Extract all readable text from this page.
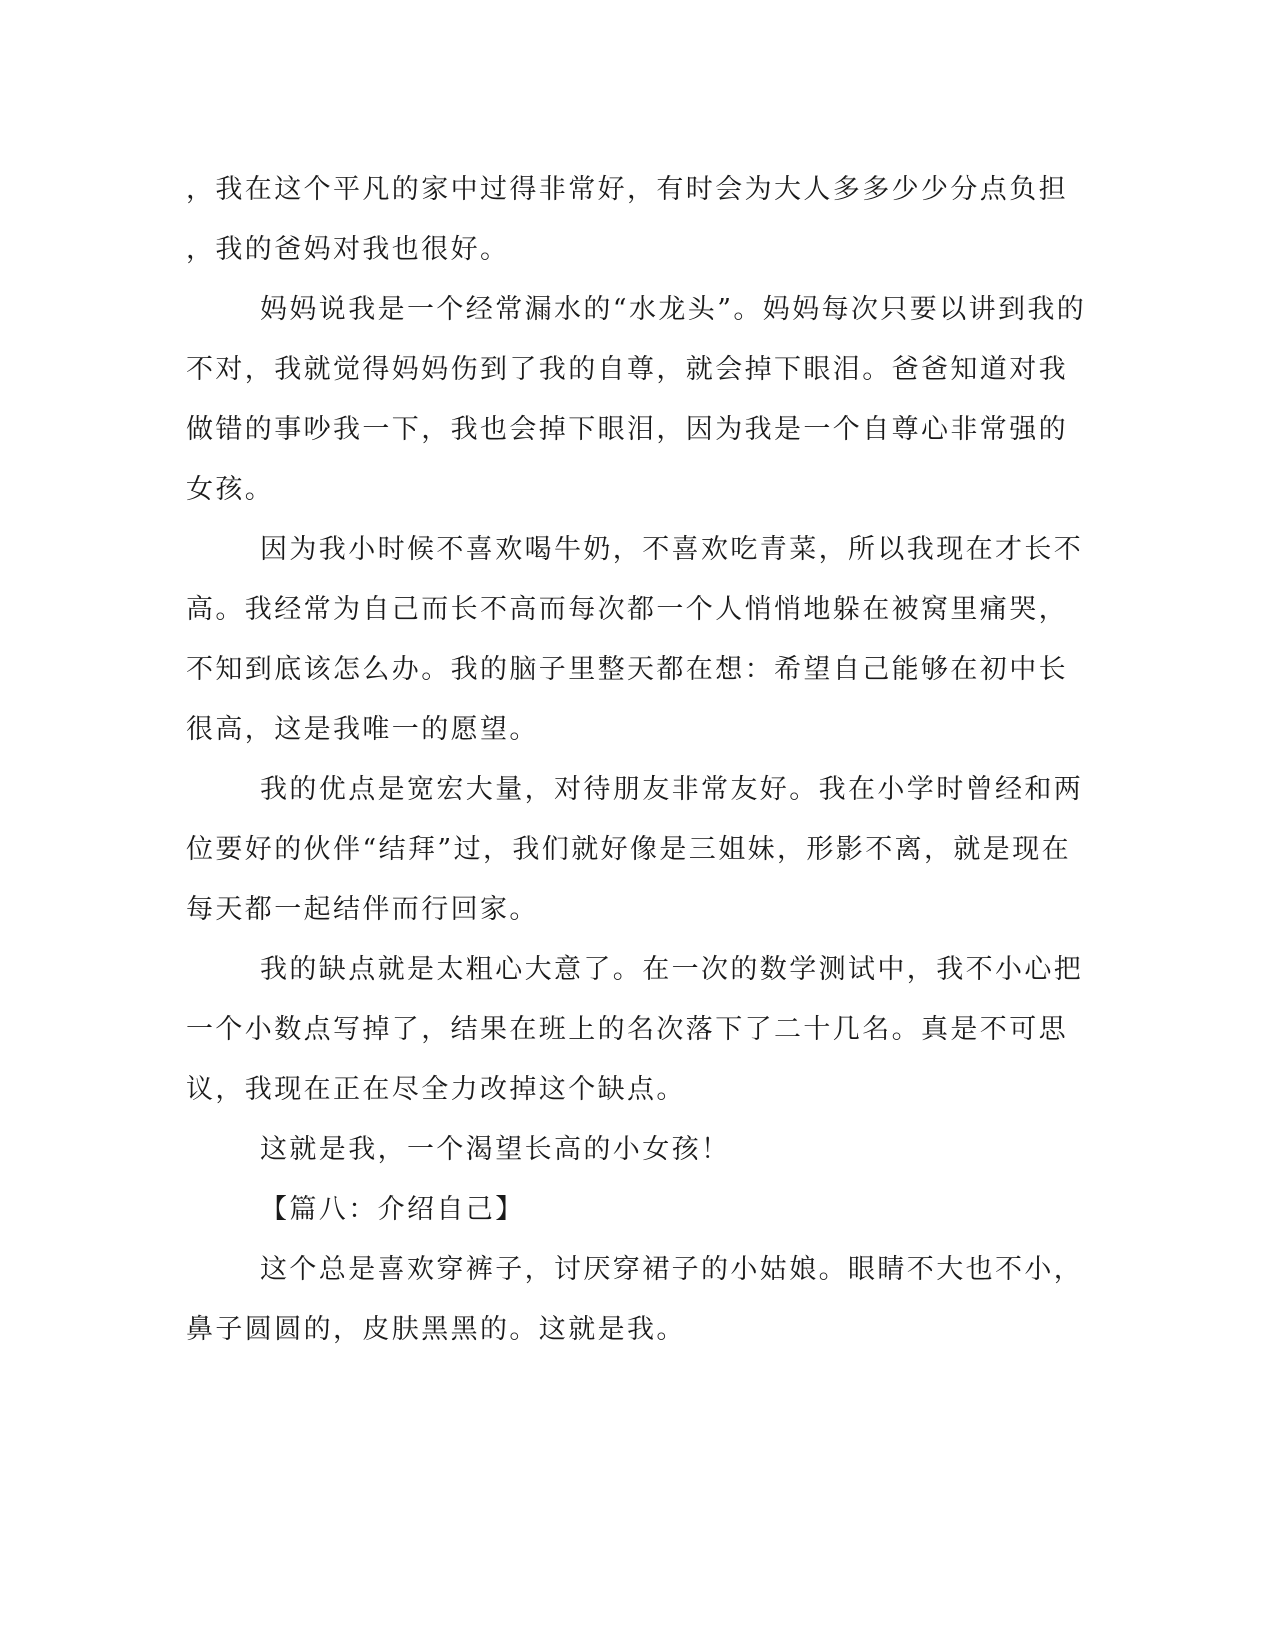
，我在这个平凡的家中过得非常好，有时会为大人多多少少分点负担
，我的爸妈对我也很好。
妈妈说我是一个经常漏水的“水龙头”。妈妈每次只要以讲到我的
不对，我就觉得妈妈伤到了我的自尊，就会掉下眼泪。爸爸知道对我
做错的事吵我一下，我也会掉下眼泪，因为我是一个自尊心非常强的
女孩。
因为我小时候不喜欢喝牛奶，不喜欢吃青菜，所以我现在才长不
高。我经常为自己而长不高而每次都一个人悄悄地躲在被窝里痛哭，
不知到底该怎么办。我的脑子里整天都在想：希望自己能够在初中长
很高，这是我唯一的愿望。
我的优点是宽宏大量，对待朋友非常友好。我在小学时曾经和两
位要好的伙伴“结拜”过，我们就好像是三姐妹，形影不离，就是现在
每天都一起结伴而行回家。
我的缺点就是太粗心大意了。在一次的数学测试中，我不小心把
一个小数点写掉了，结果在班上的名次落下了二十几名。真是不可思
议，我现在正在尽全力改掉这个缺点。
这就是我，一个渴望长高的小女孩！
【篇八：介绍自己】
这个总是喜欢穿裤子，讨厌穿裙子的小姑娘。眼睛不大也不小，
鼻子圆圆的，皮肤黑黑的。这就是我。
